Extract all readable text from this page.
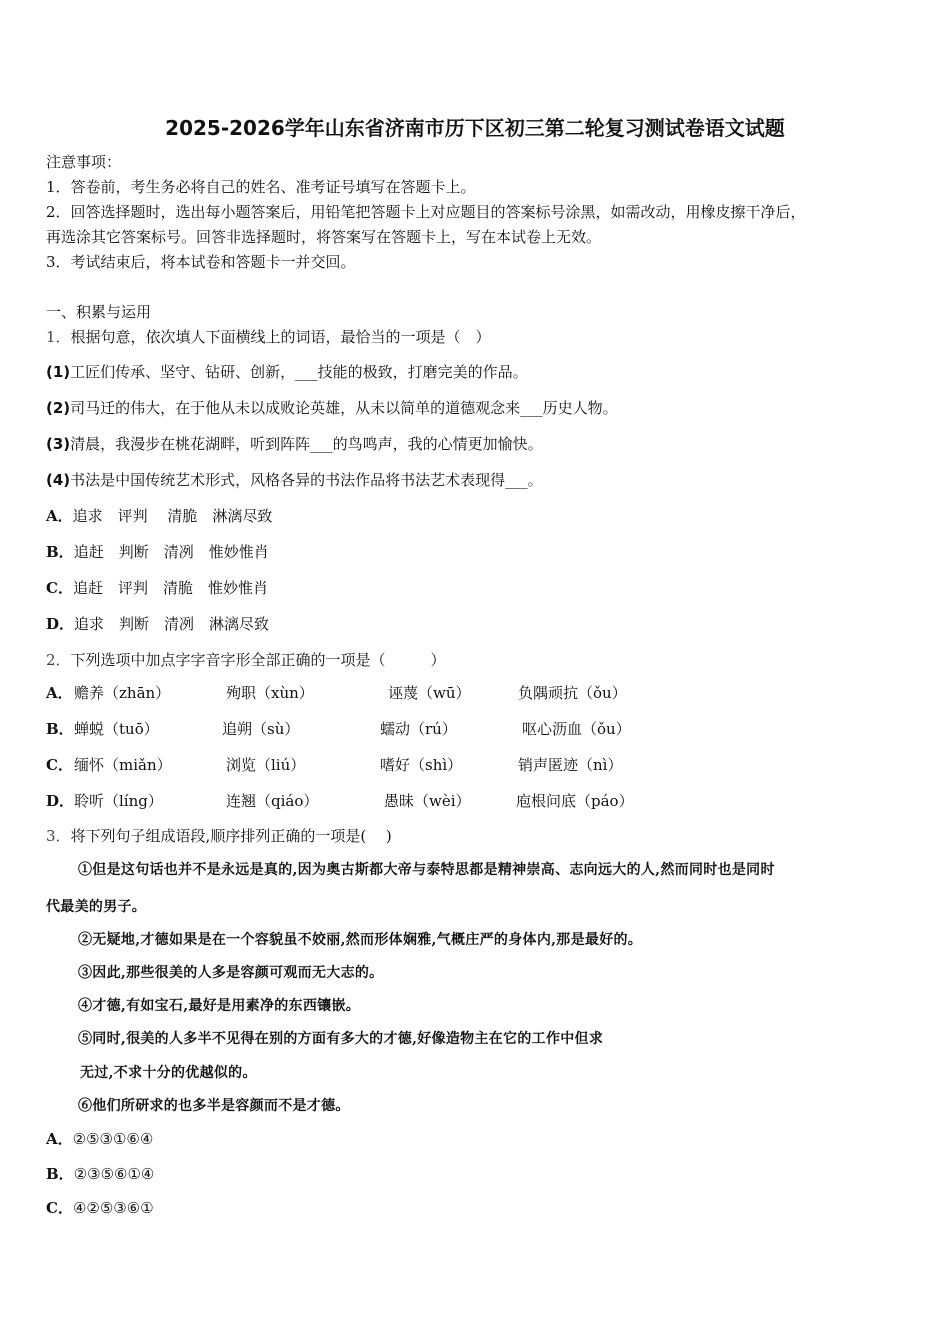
2025-2026学年山东省济南市历下区初三第二轮复习测试卷语文试题
注意事项：
1．答卷前，考生务必将自己的姓名、准考证号填写在答题卡上。
2．回答选择题时，选出每小题答案后，用铅笔把答题卡上对应题目的答案标号涂黑，如需改动，用橡皮擦干净后，
再选涂其它答案标号。回答非选择题时，将答案写在答题卡上，写在本试卷上无效。
3．考试结束后，将本试卷和答题卡一并交回。
一、积累与运用
1．根据句意，依次填人下面横线上的词语，最恰当的一项是（　）
(1)工匠们传承、坚守、钻研、创新，___技能的极致，打磨完美的作品。
(2)司马迁的伟大，在于他从未以成败论英雄，从未以简单的道德观念来___历史人物。
(3)清晨，我漫步在桃花湖畔，听到阵阵___的鸟鸣声，我的心情更加愉快。
(4)书法是中国传统艺术形式，风格各异的书法作品将书法艺术表现得___。
A．追求　评判　 清脆　淋漓尽致
B．追赶　判断　清冽　惟妙惟肖
C．追赶　评判　清脆　惟妙惟肖
D．追求　判断　清冽　淋漓尽致
2．下列选项中加点字字音字形全部正确的一项是（　　　）
A． 赡养（zhān）	殉职（xùn）	诬蔑（wū）	负隅顽抗（ǒu）
B． 蝉蜕（tuō）	追朔（sù）	蠕动（rú）	呕心沥血（ǒu）
C． 缅怀（miǎn）	浏览（liú）	嗜好（shì）	销声匿迹（nì）
D． 聆听（líng）	连翘（qiáo）	愚昧（wèi）	庖根问底（páo）
3．将下列句子组成语段,顺序排列正确的一项是(　 )
①但是这句话也并不是永远是真的,因为奥古斯都大帝与泰特思都是精神崇高、志向远大的人,然而同时也是同时
代最美的男子。
②无疑地,才德如果是在一个容貌虽不姣丽,然而形体娴雅,气概庄严的身体内,那是最好的。
③因此,那些很美的人多是容颜可观而无大志的。
④才德,有如宝石,最好是用素净的东西镶嵌。
⑤同时,很美的人多半不见得在别的方面有多大的才德,好像造物主在它的工作中但求
无过,不求十分的优越似的。
⑥他们所研求的也多半是容颜而不是才德。
A．②⑤③①⑥④
B．②③⑤⑥①④
C．④②⑤③⑥①
